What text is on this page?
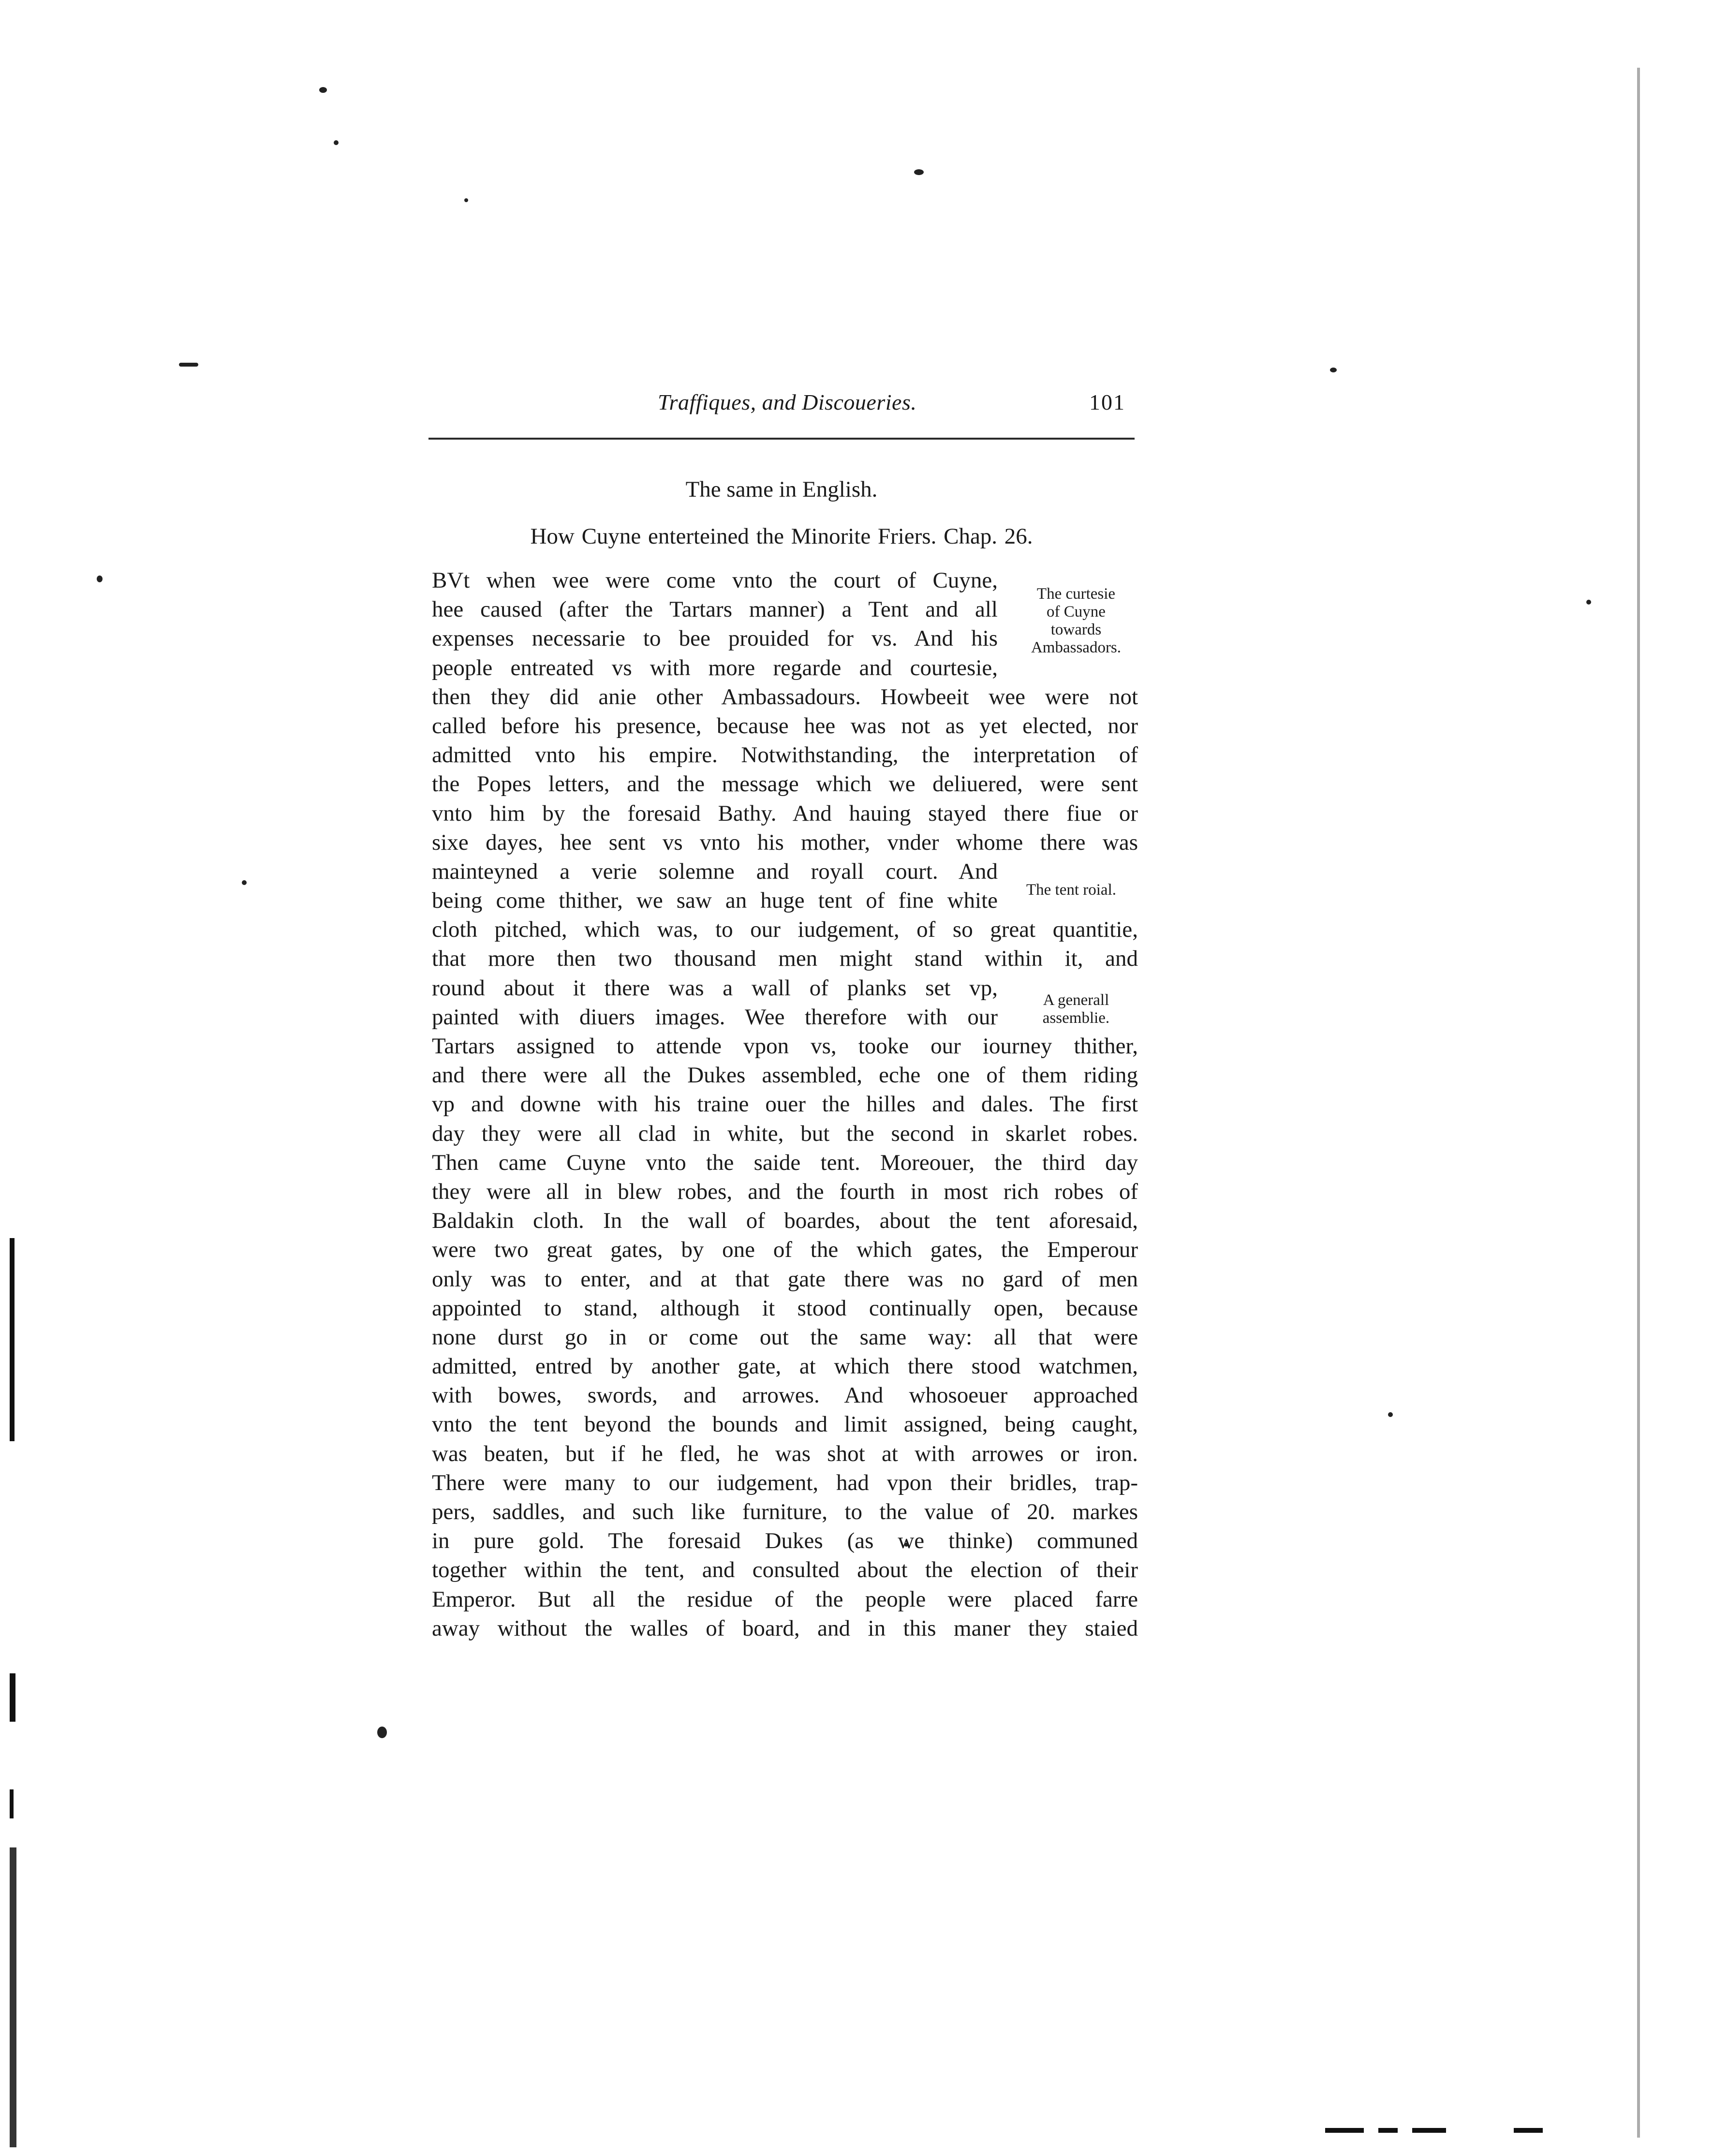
Traffiques, and Discoueries.	101
The same in English.
How Cuyne enterteined the Minorite Friers. Chap. 26.
BVt when wee were come vnto the court of Cuyne,
hee caused (after the Tartars manner) a Tent and all
expenses necessarie to bee prouided for vs. And his
people entreated vs with more regarde and courtesie,
then they did anie other Ambassadours. Howbeeit wee were not
called before his presence, because hee was not as yet elected, nor
admitted vnto his empire. Notwithstanding, the interpretation of
the Popes letters, and the message which we deliuered, were sent
vnto him by the foresaid Bathy. And hauing stayed there fiue or
sixe dayes, hee sent vs vnto his mother, vnder whome there was
mainteyned a verie solemne and royall court. And
being come thither, we saw an huge tent of fine white
cloth pitched, which was, to our iudgement, of so great quantitie,
that more then two thousand men might stand within it, and
round about it there was a wall of planks set vp,
painted with diuers images. Wee therefore with our
Tartars assigned to attende vpon vs, tooke our iourney thither,
and there were all the Dukes assembled, eche one of them riding
vp and downe with his traine ouer the hilles and dales. The first
day they were all clad in white, but the second in skarlet robes.
Then came Cuyne vnto the saide tent. Moreouer, the third day
they were all in blew robes, and the fourth in most rich robes of
Baldakin cloth. In the wall of boardes, about the tent aforesaid,
were two great gates, by one of the which gates, the Emperour
only was to enter, and at that gate there was no gard of men
appointed to stand, although it stood continually open, because
none durst go in or come out the same way: all that were
admitted, entred by another gate, at which there stood watchmen,
with bowes, swords, and arrowes. And whosoeuer approached
vnto the tent beyond the bounds and limit assigned, being caught,
was beaten, but if he fled, he was shot at with arrowes or iron.
There were many to our iudgement, had vpon their bridles, trap-
pers, saddles, and such like furniture, to the value of 20. markes
in pure gold. The foresaid Dukes (as we thinke) communed
together within the tent, and consulted about the election of their
Emperor. But all the residue of the people were placed farre
away without the walles of board, and in this maner they staied
The curtesie
of Cuyne
towards
Ambassadors.
The tent roial.
A generall
assemblie.
